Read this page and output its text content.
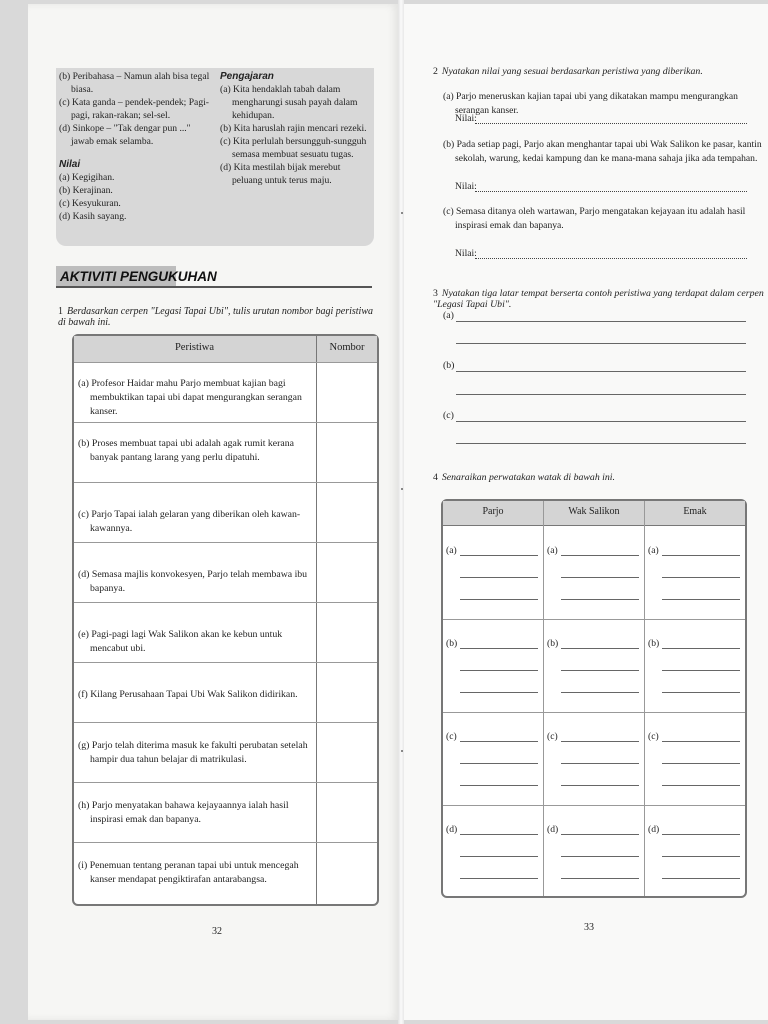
(b) Peribahasa – Namun alah bisa tegal biasa.

(c) Kata ganda – pendek-pendek; Pagi-pagi, rakan-rakan; sel-sel.

(d) Sinkope – "Tak dengar pun ..." jawab emak selamba.

Nilai

(a) Kegigihan.

(b) Kerajinan.

(c) Kesyukuran.

(d) Kasih sayang.

Pengajaran

(a) Kita hendaklah tabah dalam mengharungi susah payah dalam kehidupan.

(b) Kita haruslah rajin mencari rezeki.

(c) Kita perlulah bersungguh-sungguh semasa membuat sesuatu tugas.

(d) Kita mestilah bijak merebut peluang untuk terus maju.

AKTIVITI PENGUKUHAN
1 Berdasarkan cerpen "Legasi Tapai Ubi", tulis urutan nombor bagi peristiwa di bawah ini.
Peristiwa	Nombor
(a) Profesor Haidar mahu Parjo membuat kajian bagi membuktikan tapai ubi dapat mengurangkan serangan kanser.
(b) Proses membuat tapai ubi adalah agak rumit kerana banyak pantang larang yang perlu dipatuhi.
(c) Parjo Tapai ialah gelaran yang diberikan oleh kawan-kawannya.
(d) Semasa majlis konvokesyen, Parjo telah membawa ibu bapanya.
(e) Pagi-pagi lagi Wak Salikon akan ke kebun untuk mencabut ubi.
(f) Kilang Perusahaan Tapai Ubi Wak Salikon didirikan.
(g) Parjo telah diterima masuk ke fakulti perubatan setelah hampir dua tahun belajar di matrikulasi.
(h) Parjo menyatakan bahawa kejayaannya ialah hasil inspirasi emak dan bapanya.
(i) Penemuan tentang peranan tapai ubi untuk mencegah kanser mendapat pengiktirafan antarabangsa.
32
2 Nyatakan nilai yang sesuai berdasarkan peristiwa yang diberikan.
(a) Parjo meneruskan kajian tapai ubi yang dikatakan mampu mengurangkan serangan kanser.
Nilai:
(b) Pada setiap pagi, Parjo akan menghantar tapai ubi Wak Salikon ke pasar, kantin sekolah, warung, kedai kampung dan ke mana-mana sahaja jika ada tempahan.
Nilai:
(c) Semasa ditanya oleh wartawan, Parjo mengatakan kejayaan itu adalah hasil inspirasi emak dan bapanya.
Nilai:
3 Nyatakan tiga latar tempat berserta contoh peristiwa yang terdapat dalam cerpen "Legasi Tapai Ubi".
(a)
(b)
(c)
4 Senaraikan perwatakan watak di bawah ini.
Parjo	Wak Salikon	Emak
(a)	(a)	(a)
(b)	(b)	(b)
(c)	(c)	(c)
(d)	(d)	(d)
33
